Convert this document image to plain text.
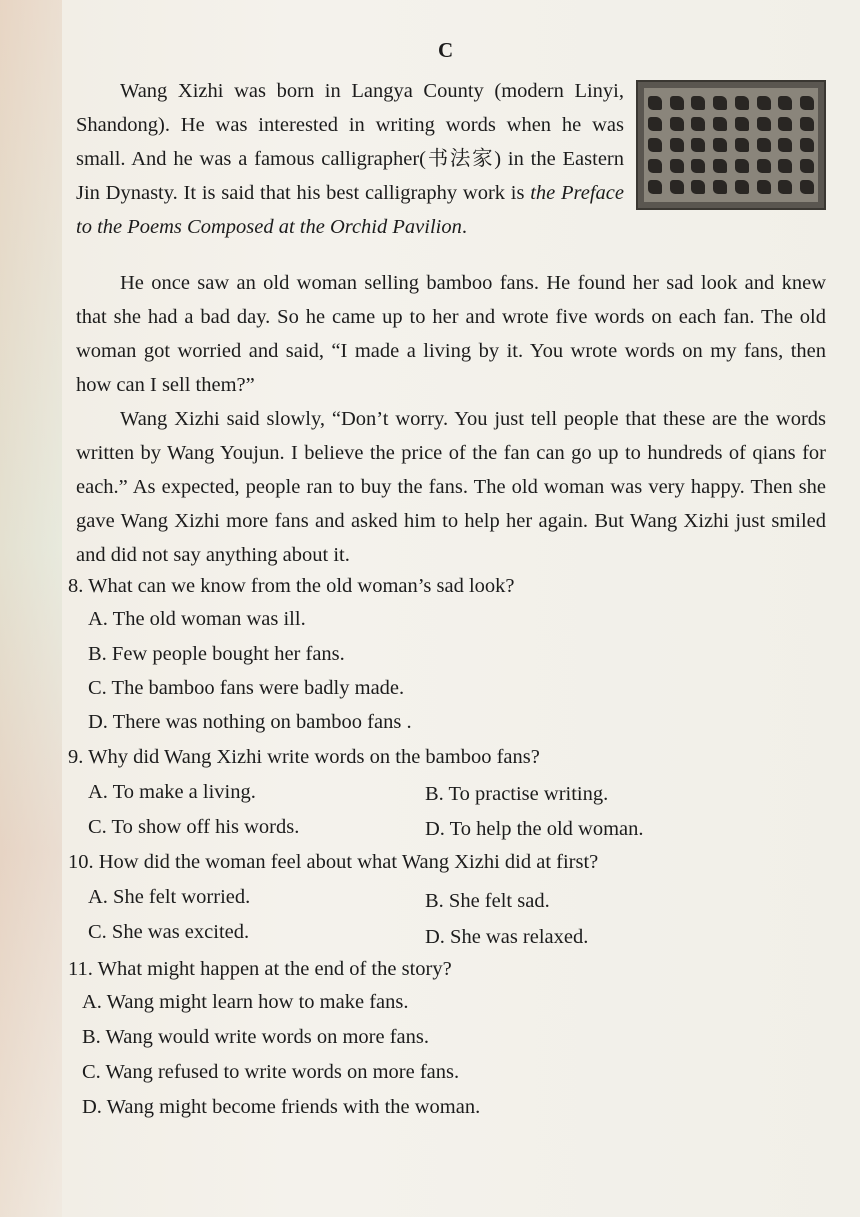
C

Wang Xizhi was born in Langya County (modern Linyi, Shandong). He was interested in writing words when he was small. And he was a famous calligrapher(书法家) in the Eastern Jin Dynasty. It is said that his best calligraphy work is the Preface to the Poems Composed at the Orchid Pavilion.

He once saw an old woman selling bamboo fans. He found her sad look and knew that she had a bad day. So he came up to her and wrote five words on each fan. The old woman got worried and said, “I made a living by it. You wrote words on my fans, then how can I sell them?”

Wang Xizhi said slowly, “Don’t worry. You just tell people that these are the words written by Wang Youjun. I believe the price of the fan can go up to hundreds of qians for each.” As expected, people ran to buy the fans. The old woman was very happy. Then she gave Wang Xizhi more fans and asked him to help her again. But Wang Xizhi just smiled and did not say anything about it.

8. What can we know from the old woman’s sad look?

A. The old woman was ill.

B. Few people bought her fans.

C. The bamboo fans were badly made.

D. There was nothing on bamboo fans .

9. Why did Wang Xizhi write words on the bamboo fans?

A. To make a living.	B. To practise writing.

C. To show off his words.	D. To help the old woman.

10. How did the woman feel about what Wang Xizhi did at first?

A. She felt worried.	B. She felt sad.

C. She was excited.	D. She was relaxed.

11. What might happen at the end of the story?

A. Wang might learn how to make fans.

B. Wang would write words on more fans.

C. Wang refused to write words on more fans.

D. Wang might become friends with the woman.
